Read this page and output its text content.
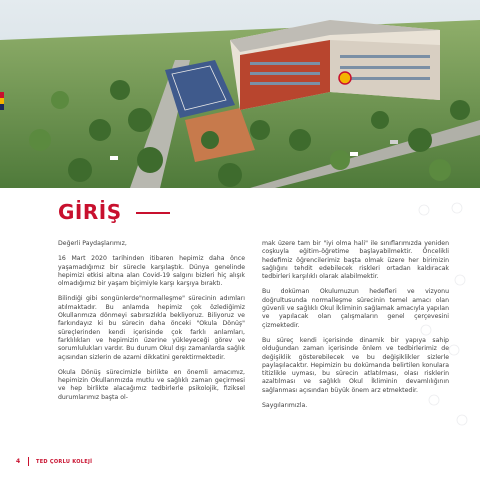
GİRİŞ

Değerli Paydaşlarımız,

16 Mart 2020 tarihinden itibaren hepimiz daha önce yaşamadığımız bir sürecle karşılaştık. Dünya genelinde hepimizi etkisi altına alan Covid-19 salgını bizleri hiç alışık olmadığımız bir yaşam biçimiyle karşı karşıya bıraktı.

Bilindiği gibi songünlerde"normalleşme" sürecinin adımları atılmaktadır. Bu anlamda hepimiz çok özlediğimiz Okullarımıza dönmeyi sabırsızlıkla bekliyoruz. Biliyoruz ve farkındayız ki bu sürecin daha önceki "Okula Dönüş" süreçlerinden kendi içerisinde çok farklı anlamları, farklılıkları ve hepimizin üzerine yükleyeceği görev ve sorumlulukları vardır. Bu durum Okul dışı zamanlarda sağlık açısından sizlerin de azami dikkatini gerektirmektedir.

Okula Dönüş sürecimizle birlikte en önemli amacımız, hepimizin Okullarımızda mutlu ve sağlıklı zaman geçirmesi ve hep birlikte alacağımız tedbirlerle psikolojik, fiziksel durumlarımız başta ol-

mak üzere tam bir "iyi olma hali" ile sınıflarımızda yeniden coşkuyla eğitim-öğretime başlayabilmektir. Öncelikli hedefimiz öğrencilerimiz başta olmak üzere her birimizin sağlığını tehdit edebilecek riskleri ortadan kaldıracak tedbirleri karşılıklı olarak alabilmektir.

Bu doküman Okulumuzun hedefleri ve vizyonu doğrultusunda normalleşme sürecinin temel amacı olan güvenli ve sağlıklı Okul İkliminin sağlamak amacıyla yapılan ve yapılacak olan çalışmaların genel çerçevesini çizmektedir.

Bu süreç kendi içerisinde dinamik bir yapıya sahip olduğundan zaman içerisinde önlem ve tedbirlerimiz de değişiklik gösterebilecek ve bu değişiklikler sizlerle paylaşılacaktır. Hepimizin bu dokümanda belirtilen konulara titizlikle uyması, bu sürecin atlatılması, olası risklerin azaltılması ve sağlıklı Okul İkliminin devamlılığının sağlanması açısından büyük önem arz etmektedir.

Saygılarımızla.

4	TED ÇORLU KOLEJİ
